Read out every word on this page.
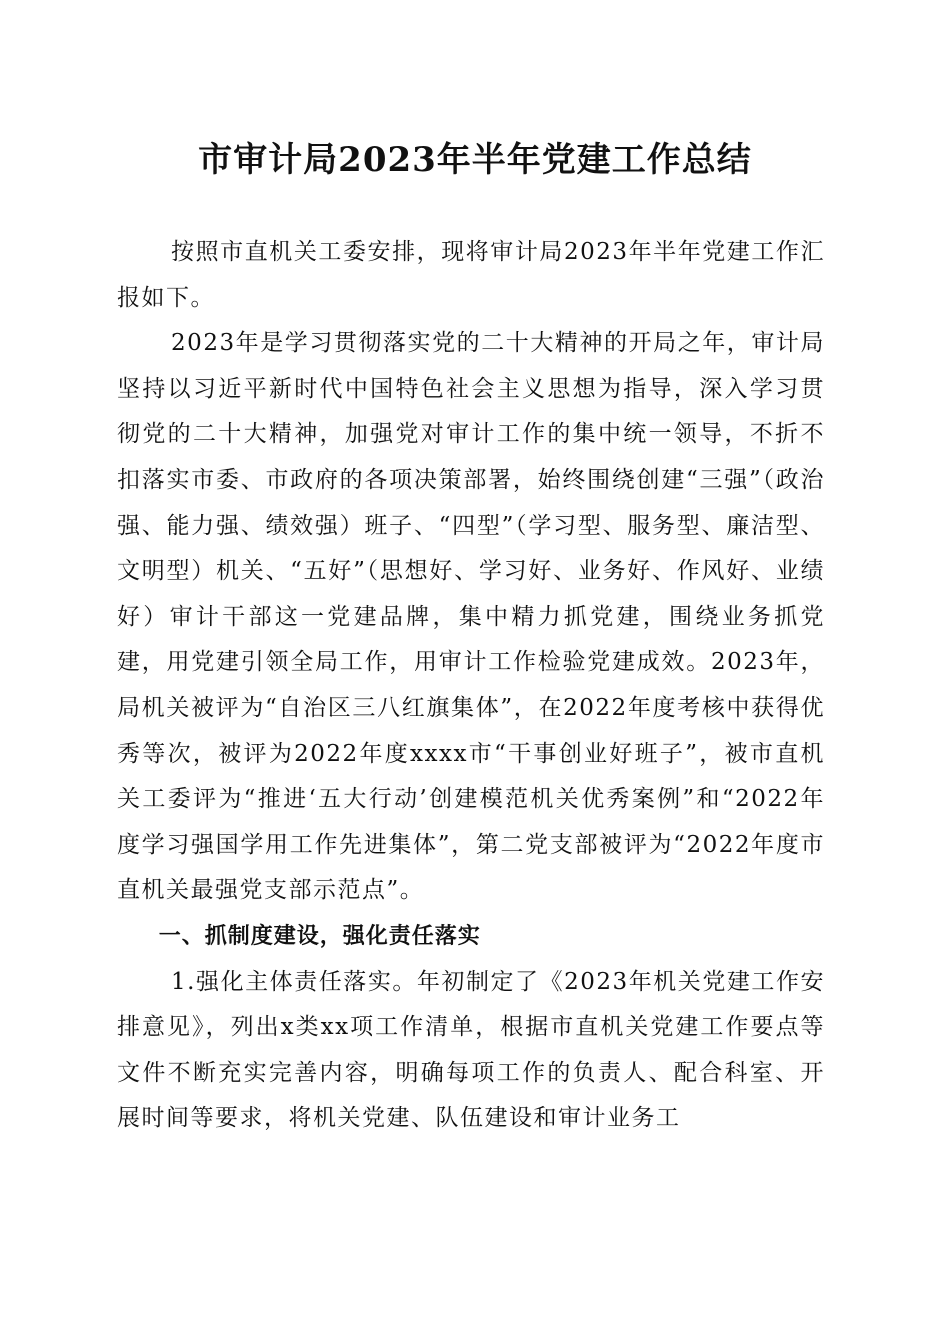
市审计局2023年半年党建工作总结

按照市直机关工委安排，现将审计局2023年半年党建工作汇报如下。

2023年是学习贯彻落实党的二十大精神的开局之年，审计局坚持以习近平新时代中国特色社会主义思想为指导，深入学习贯彻党的二十大精神，加强党对审计工作的集中统一领导，不折不扣落实市委、市政府的各项决策部署，始终围绕创建“三强”（政治强、能力强、绩效强）班子、“四型”（学习型、服务型、廉洁型、文明型）机关、“五好”（思想好、学习好、业务好、作风好、业绩好）审计干部这一党建品牌，集中精力抓党建，围绕业务抓党建，用党建引领全局工作，用审计工作检验党建成效。2023年，局机关被评为“自治区三八红旗集体”，在2022年度考核中获得优秀等次，被评为2022年度xxxx市“干事创业好班子”，被市直机关工委评为“推进‘五大行动’创建模范机关优秀案例”和“2022年度学习强国学用工作先进集体”，第二党支部被评为“2022年度市直机关最强党支部示范点”。

一、抓制度建设，强化责任落实

1.强化主体责任落实。年初制定了《2023年机关党建工作安排意见》，列出x类xx项工作清单，根据市直机关党建工作要点等文件不断充实完善内容，明确每项工作的负责人、配合科室、开展时间等要求，将机关党建、队伍建设和审计业务工
